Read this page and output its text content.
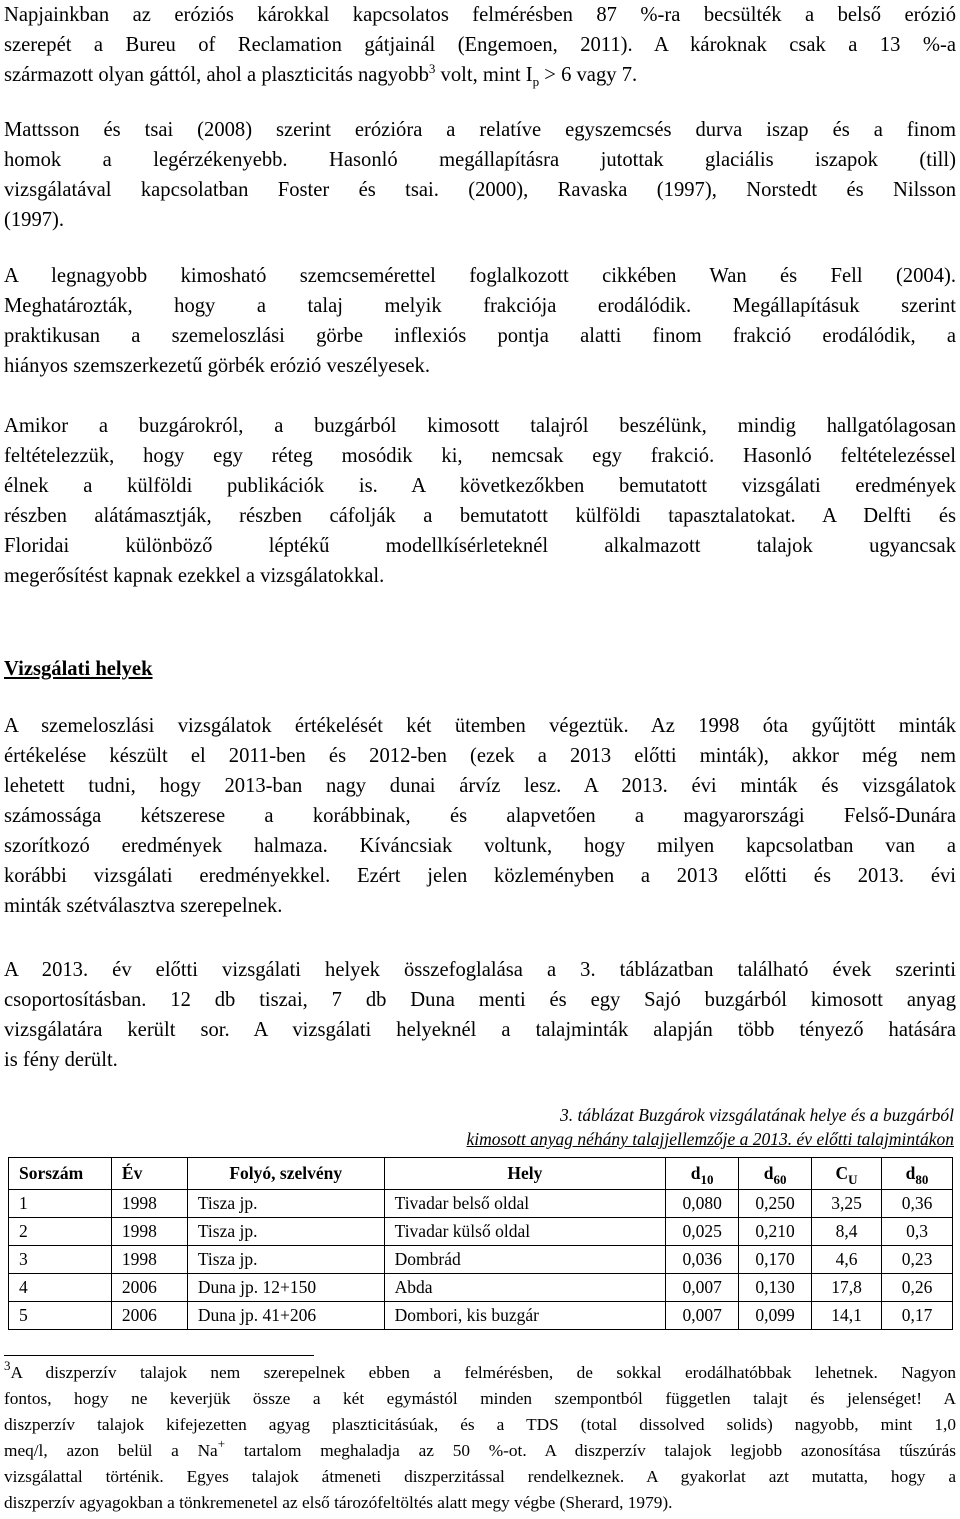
Napjainkban az eróziós károkkal kapcsolatos felmérésben 87 %-ra becsülték a belső erózió
szerepét a Bureu of Reclamation gátjainál (Engemoen, 2011). A károknak csak a 13 %-a
származott olyan gáttól, ahol a plaszticitás nagyobb$^3$ volt, mint $I_p > 6$ vagy 7.

Mattsson és tsai (2008) szerint erózióra a relatíve egyszemcsés durva iszap és a finom
homok a legérzékenyebb. Hasonló megállapításra jutottak glaciális iszapok (till)
vizsgálatával kapcsolatban Foster és tsai. (2000), Ravaska (1997), Norstedt és Nilsson
(1997).

A legnagyobb kimosható szemcsemérettel foglalkozott cikkében Wan és Fell (2004).
Meghatározták, hogy a talaj melyik frakciója erodálódik. Megállapításuk szerint
praktikusan a szemeloszlási görbe inflexiós pontja alatti finom frakció erodálódik, a
hiányos szemszerkezetű görbék erózió veszélyesek.

Amikor a buzgárokról, a buzgárból kimosott talajról beszélünk, mindig hallgatólagosan
feltételezzük, hogy egy réteg mosódik ki, nemcsak egy frakció. Hasonló feltételezéssel
élnek a külföldi publikációk is. A következőkben bemutatott vizsgálati eredmények
részben alátámasztják, részben cáfolják a bemutatott külföldi tapasztalatokat. A Delfti és
Floridai különböző léptékű modellkísérleteknél alkalmazott talajok ugyancsak
megerősítést kapnak ezekkel a vizsgálatokkal.

Vizsgálati helyek

A szemeloszlási vizsgálatok értékelését két ütemben végeztük. Az 1998 óta gyűjtött minták
értékelése készült el 2011-ben és 2012-ben (ezek a 2013 előtti minták), akkor még nem
lehetett tudni, hogy 2013-ban nagy dunai árvíz lesz. A 2013. évi minták és vizsgálatok
számossága kétszerese a korábbinak, és alapvetően a magyarországi Felső-Dunára
szorítkozó eredmények halmaza. Kíváncsiak voltunk, hogy milyen kapcsolatban van a
korábbi vizsgálati eredményekkel. Ezért jelen közleményben a 2013 előtti és 2013. évi
minták szétválasztva szerepelnek.

A 2013. év előtti vizsgálati helyek összefoglalása a 3. táblázatban található évek szerinti
csoportosításban. 12 db tiszai, 7 db Duna menti és egy Sajó buzgárból kimosott anyag
vizsgálatára került sor. A vizsgálati helyeknél a talajminták alapján több tényező hatására
is fény derült.

3. táblázat Buzgárok vizsgálatának helye és a buzgárból
kimosott anyag néhány talajjellemzője a 2013. év előtti talajmintákon

Sorszám	Év	Folyó, szelvény	Hely	$d_{10}$	$d_{60}$	$C_U$	$d_{80}$
1	1998	Tisza jp.	Tivadar belső oldal	0,080	0,250	3,25	0,36
2	1998	Tisza jp.	Tivadar külső oldal	0,025	0,210	8,4	0,3
3	1998	Tisza jp.	Dombrád	0,036	0,170	4,6	0,23
4	2006	Duna jp. 12+150	Abda	0,007	0,130	17,8	0,26
5	2006	Duna jp. 41+206	Dombori, kis buzgár	0,007	0,099	14,1	0,17

$^3$A diszperzív talajok nem szerepelnek ebben a felmérésben, de sokkal erodálhatóbbak lehetnek. Nagyon
fontos, hogy ne keverjük össze a két egymástól minden szempontból független talajt és jelenséget! A
diszperzív talajok kifejezetten agyag plaszticitásúak, és a TDS (total dissolved solids) nagyobb, mint 1,0
meq/l, azon belül a Na+ tartalom meghaladja az 50 %-ot. A diszperzív talajok legjobb azonosítása tűszúrás
vizsgálattal történik. Egyes talajok átmeneti diszperzitással rendelkeznek. A gyakorlat azt mutatta, hogy a
diszperzív agyagokban a tönkremenetel az első tározófeltöltés alatt megy végbe (Sherard, 1979).
